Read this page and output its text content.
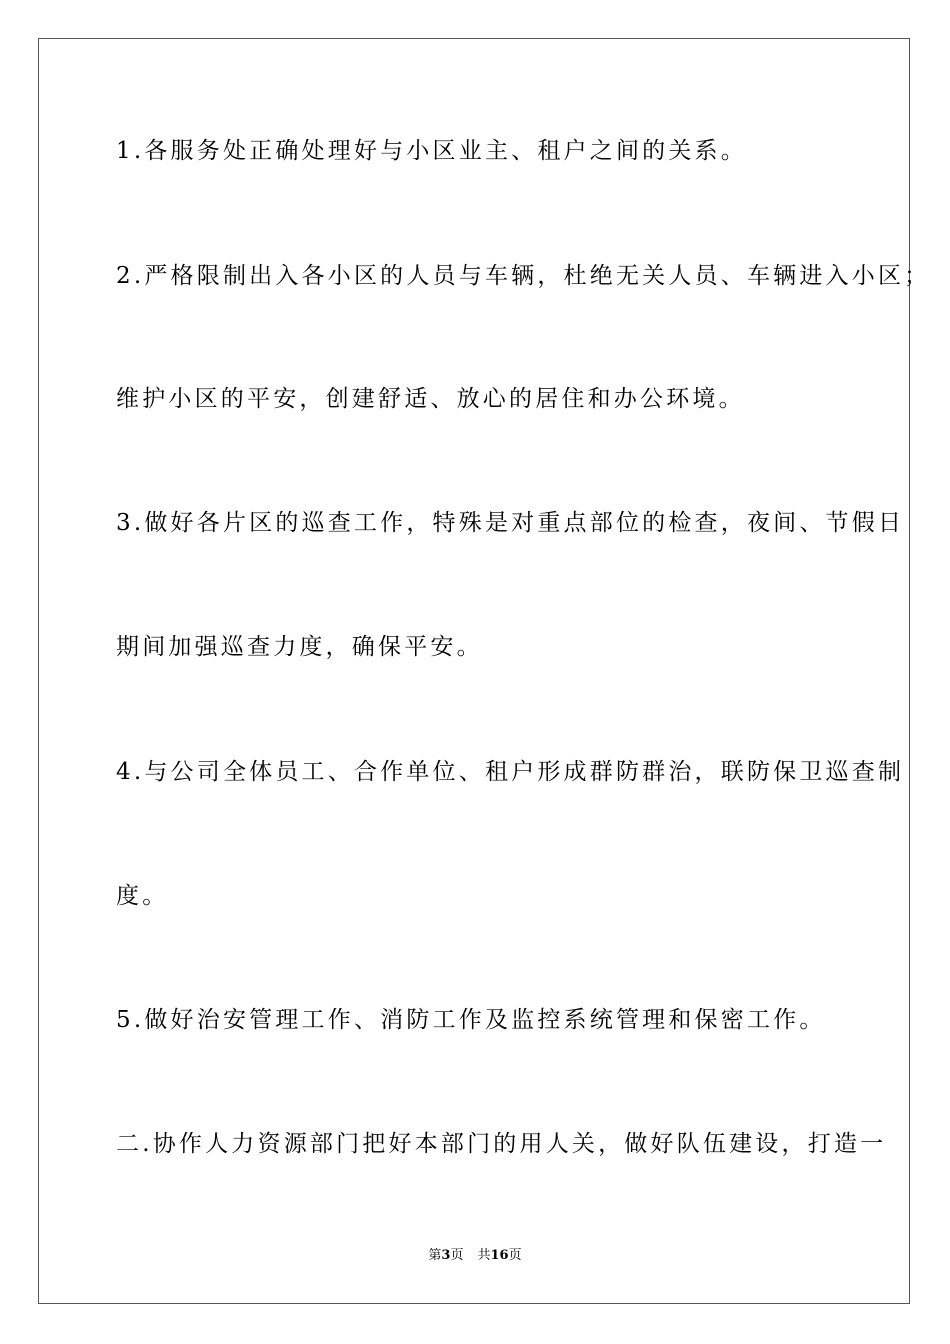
1.各服务处正确处理好与小区业主、租户之间的关系。

2.严格限制出入各小区的人员与车辆，杜绝无关人员、车辆进入小区；

维护小区的平安，创建舒适、放心的居住和办公环境。

3.做好各片区的巡查工作，特殊是对重点部位的检查，夜间、节假日

期间加强巡查力度，确保平安。

4.与公司全体员工、合作单位、租户形成群防群治，联防保卫巡查制

度。

5.做好治安管理工作、消防工作及监控系统管理和保密工作。

二.协作人力资源部门把好本部门的用人关，做好队伍建设，打造一

第3页 共16页
